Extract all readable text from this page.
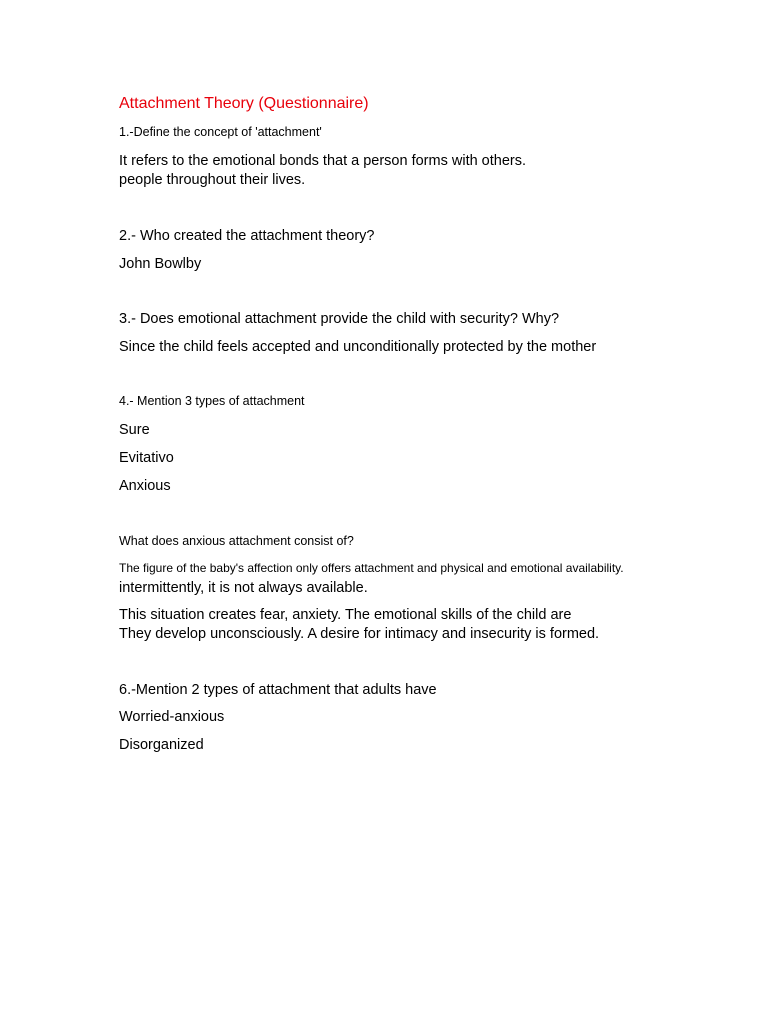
Attachment Theory (Questionnaire)
1.-Define the concept of 'attachment'
It refers to the emotional bonds that a person forms with others.
people throughout their lives.
2.- Who created the attachment theory?
John Bowlby
3.- Does emotional attachment provide the child with security? Why?
Since the child feels accepted and unconditionally protected by the mother
4.- Mention 3 types of attachment
Sure
Evitativo
Anxious
What does anxious attachment consist of?
The figure of the baby's affection only offers attachment and physical and emotional availability.
intermittently, it is not always available.
This situation creates fear, anxiety. The emotional skills of the child are
They develop unconsciously. A desire for intimacy and insecurity is formed.
6.-Mention 2 types of attachment that adults have
Worried-anxious
Disorganized
